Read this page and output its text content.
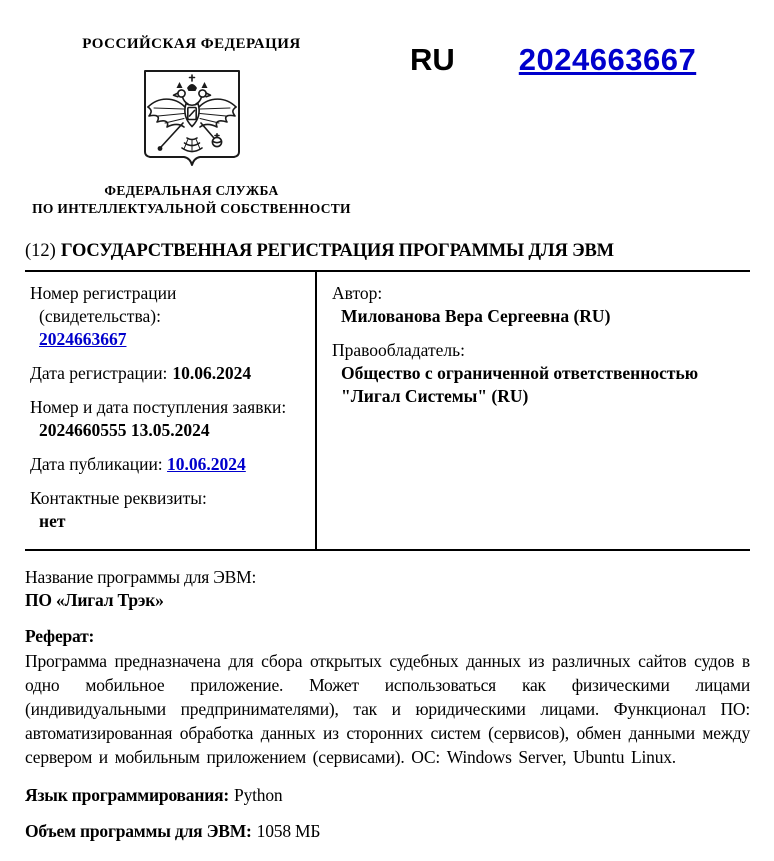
РОССИЙСКАЯ ФЕДЕРАЦИЯ
ФЕДЕРАЛЬНАЯ СЛУЖБА
ПО ИНТЕЛЛЕКТУАЛЬНОЙ СОБСТВЕННОСТИ
RU 2024663667
(12) ГОСУДАРСТВЕННАЯ РЕГИСТРАЦИЯ ПРОГРАММЫ ДЛЯ ЭВМ
Номер регистрации
(свидетельства):
2024663667
Дата регистрации: 10.06.2024
Номер и дата поступления заявки:
2024660555 13.05.2024
Дата публикации: 10.06.2024
Контактные реквизиты:
нет
Автор:
Милованова Вера Сергеевна (RU)
Правообладатель:
Общество с ограниченной ответственностью "Лигал Системы" (RU)
Название программы для ЭВМ:
ПО «Лигал Трэк»
Реферат:
Программа предназначена для сбора открытых судебных данных из различных сайтов судов в одно мобильное приложение. Может использоваться как физическими лицами (индивидуальными предпринимателями), так и юридическими лицами. Функционал ПО: автоматизированная обработка данных из сторонних систем (сервисов), обмен данными между сервером и мобильным приложением (сервисами). ОС: Windows Server, Ubuntu Linux.
Язык программирования: Python
Объем программы для ЭВМ: 1058 МБ
